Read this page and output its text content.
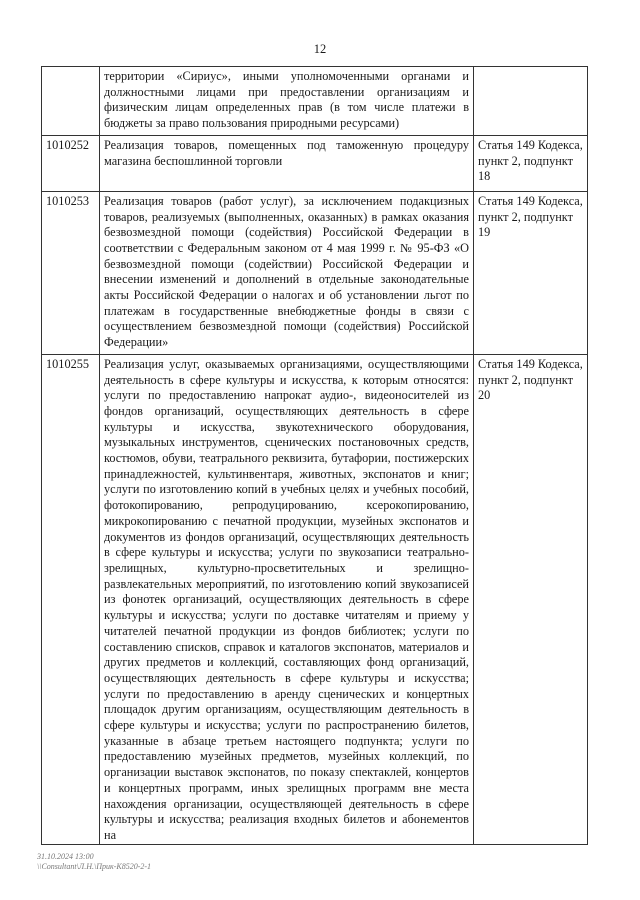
12
	территории «Сириус», иными уполномоченными органами и должностными лицами при предоставлении организациям и физическим лицам определенных прав (в том числе платежи в бюджеты за право пользования природными ресурсами)	
1010252	Реализация товаров, помещенных под таможенную процедуру магазина беспошлинной торговли	Статья 149 Кодекса, пункт 2, подпункт 18
1010253	Реализация товаров (работ услуг), за исключением подакцизных товаров, реализуемых (выполненных, оказанных) в рамках оказания безвозмездной помощи (содействия) Российской Федерации в соответствии с Федеральным законом от 4 мая 1999 г. № 95-ФЗ «О безвозмездной помощи (содействии) Российской Федерации и внесении изменений и дополнений в отдельные законодательные акты Российской Федерации о налогах и об установлении льгот по платежам в государственные внебюджетные фонды в связи с осуществлением безвозмездной помощи (содействия) Российской Федерации»	Статья 149 Кодекса, пункт 2, подпункт 19
1010255	Реализация услуг, оказываемых организациями, осуществляющими деятельность в сфере культуры и искусства, к которым относятся: услуги по предоставлению напрокат аудио-, видеоносителей из фондов организаций, осуществляющих деятельность в сфере культуры и искусства, звукотехнического оборудования, музыкальных инструментов, сценических постановочных средств, костюмов, обуви, театрального реквизита, бутафории, постижерских принадлежностей, культинвентаря, животных, экспонатов и книг; услуги по изготовлению копий в учебных целях и учебных пособий, фотокопированию, репродуцированию, ксерокопированию, микрокопированию с печатной продукции, музейных экспонатов и документов из фондов организаций, осуществляющих деятельность в сфере культуры и искусства; услуги по звукозаписи театрально-зрелищных, культурно-просветительных и зрелищно-развлекательных мероприятий, по изготовлению копий звукозаписей из фонотек организаций, осуществляющих деятельность в сфере культуры и искусства; услуги по доставке читателям и приему у читателей печатной продукции из фондов библиотек; услуги по составлению списков, справок и каталогов экспонатов, материалов и других предметов и коллекций, составляющих фонд организаций, осуществляющих деятельность в сфере культуры и искусства; услуги по предоставлению в аренду сценических и концертных площадок другим организациям, осуществляющим деятельность в сфере культуры и искусства; услуги по распространению билетов, указанные в абзаце третьем настоящего подпункта; услуги по предоставлению музейных предметов, музейных коллекций, по организации выставок экспонатов, по показу спектаклей, концертов и концертных программ, иных зрелищных программ вне места нахождения организации, осуществляющей деятельность в сфере культуры и искусства; реализация входных билетов и абонементов на	Статья 149 Кодекса, пункт 2, подпункт 20
31.10.2024 13:00
\\Consultant\Л.Н.\Прик-К8520-2-1
